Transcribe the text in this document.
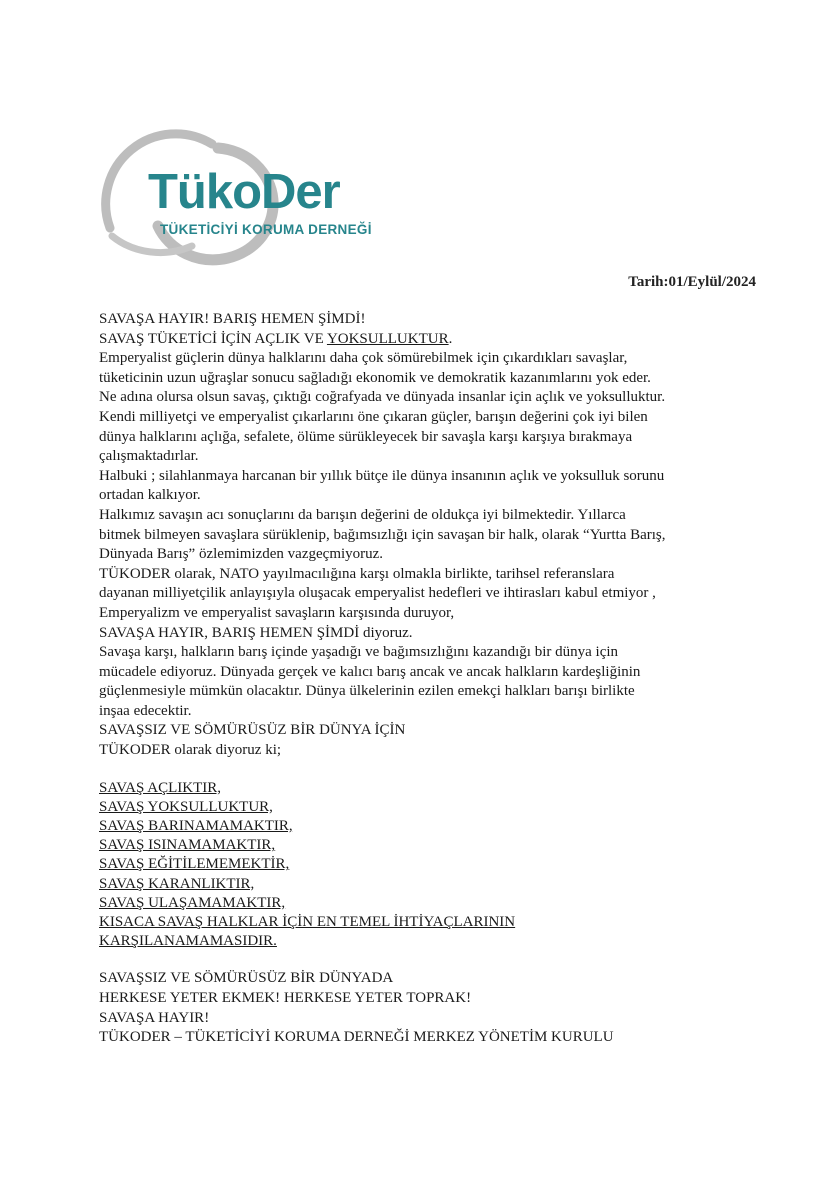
TükoDer
TÜKETİCİYİ KORUMA DERNEĞİ
Tarih:01/Eylül/2024

SAVAŞA HAYIR! BARIŞ HEMEN ŞİMDİ!

SAVAŞ TÜKETİCİ İÇİN AÇLIK VE YOKSULLUKTUR.

Emperyalist güçlerin dünya halklarını daha çok sömürebilmek için çıkardıkları savaşlar,

tüketicinin uzun uğraşlar sonucu sağladığı ekonomik ve demokratik kazanımlarını yok eder.

Ne adına olursa olsun savaş, çıktığı coğrafyada ve dünyada insanlar için açlık ve yoksulluktur.

Kendi milliyetçi ve emperyalist çıkarlarını öne çıkaran güçler, barışın değerini çok iyi bilen

dünya halklarını açlığa, sefalete, ölüme sürükleyecek bir savaşla karşı karşıya bırakmaya

çalışmaktadırlar.

Halbuki ; silahlanmaya harcanan bir yıllık bütçe ile dünya insanının açlık ve yoksulluk sorunu

ortadan kalkıyor.

Halkımız savaşın acı sonuçlarını da barışın değerini de oldukça iyi bilmektedir. Yıllarca

bitmek bilmeyen savaşlara sürüklenip, bağımsızlığı için savaşan bir halk, olarak “Yurtta Barış,

Dünyada Barış” özlemimizden vazgeçmiyoruz.

TÜKODER olarak, NATO yayılmacılığına karşı olmakla birlikte, tarihsel referanslara

dayanan milliyetçilik anlayışıyla oluşacak emperyalist hedefleri ve ihtirasları kabul etmiyor ,

Emperyalizm ve emperyalist savaşların karşısında duruyor,

SAVAŞA HAYIR, BARIŞ HEMEN ŞİMDİ diyoruz.

Savaşa karşı, halkların barış içinde yaşadığı ve bağımsızlığını kazandığı bir dünya için

mücadele ediyoruz. Dünyada gerçek ve kalıcı barış ancak ve ancak halkların kardeşliğinin

güçlenmesiyle mümkün olacaktır. Dünya ülkelerinin ezilen emekçi halkları barışı birlikte

inşaa edecektir.

SAVAŞSIZ VE SÖMÜRÜSÜZ BİR DÜNYA İÇİN

TÜKODER olarak diyoruz ki;

SAVAŞ AÇLIKTIR,

SAVAŞ YOKSULLUKTUR,

SAVAŞ BARINAMAMAKTIR,

SAVAŞ ISINAMAMAKTIR,

SAVAŞ EĞİTİLEMEMEKTİR,

SAVAŞ KARANLIKTIR,

SAVAŞ ULAŞAMAMAKTIR,

KISACA SAVAŞ HALKLAR İÇİN EN TEMEL İHTİYAÇLARININ

KARŞILANAMAMASIDIR.

SAVAŞSIZ VE SÖMÜRÜSÜZ BİR DÜNYADA

HERKESE YETER EKMEK! HERKESE YETER TOPRAK!

SAVAŞA HAYIR!

TÜKODER – TÜKETİCİYİ KORUMA DERNEĞİ MERKEZ YÖNETİM KURULU
